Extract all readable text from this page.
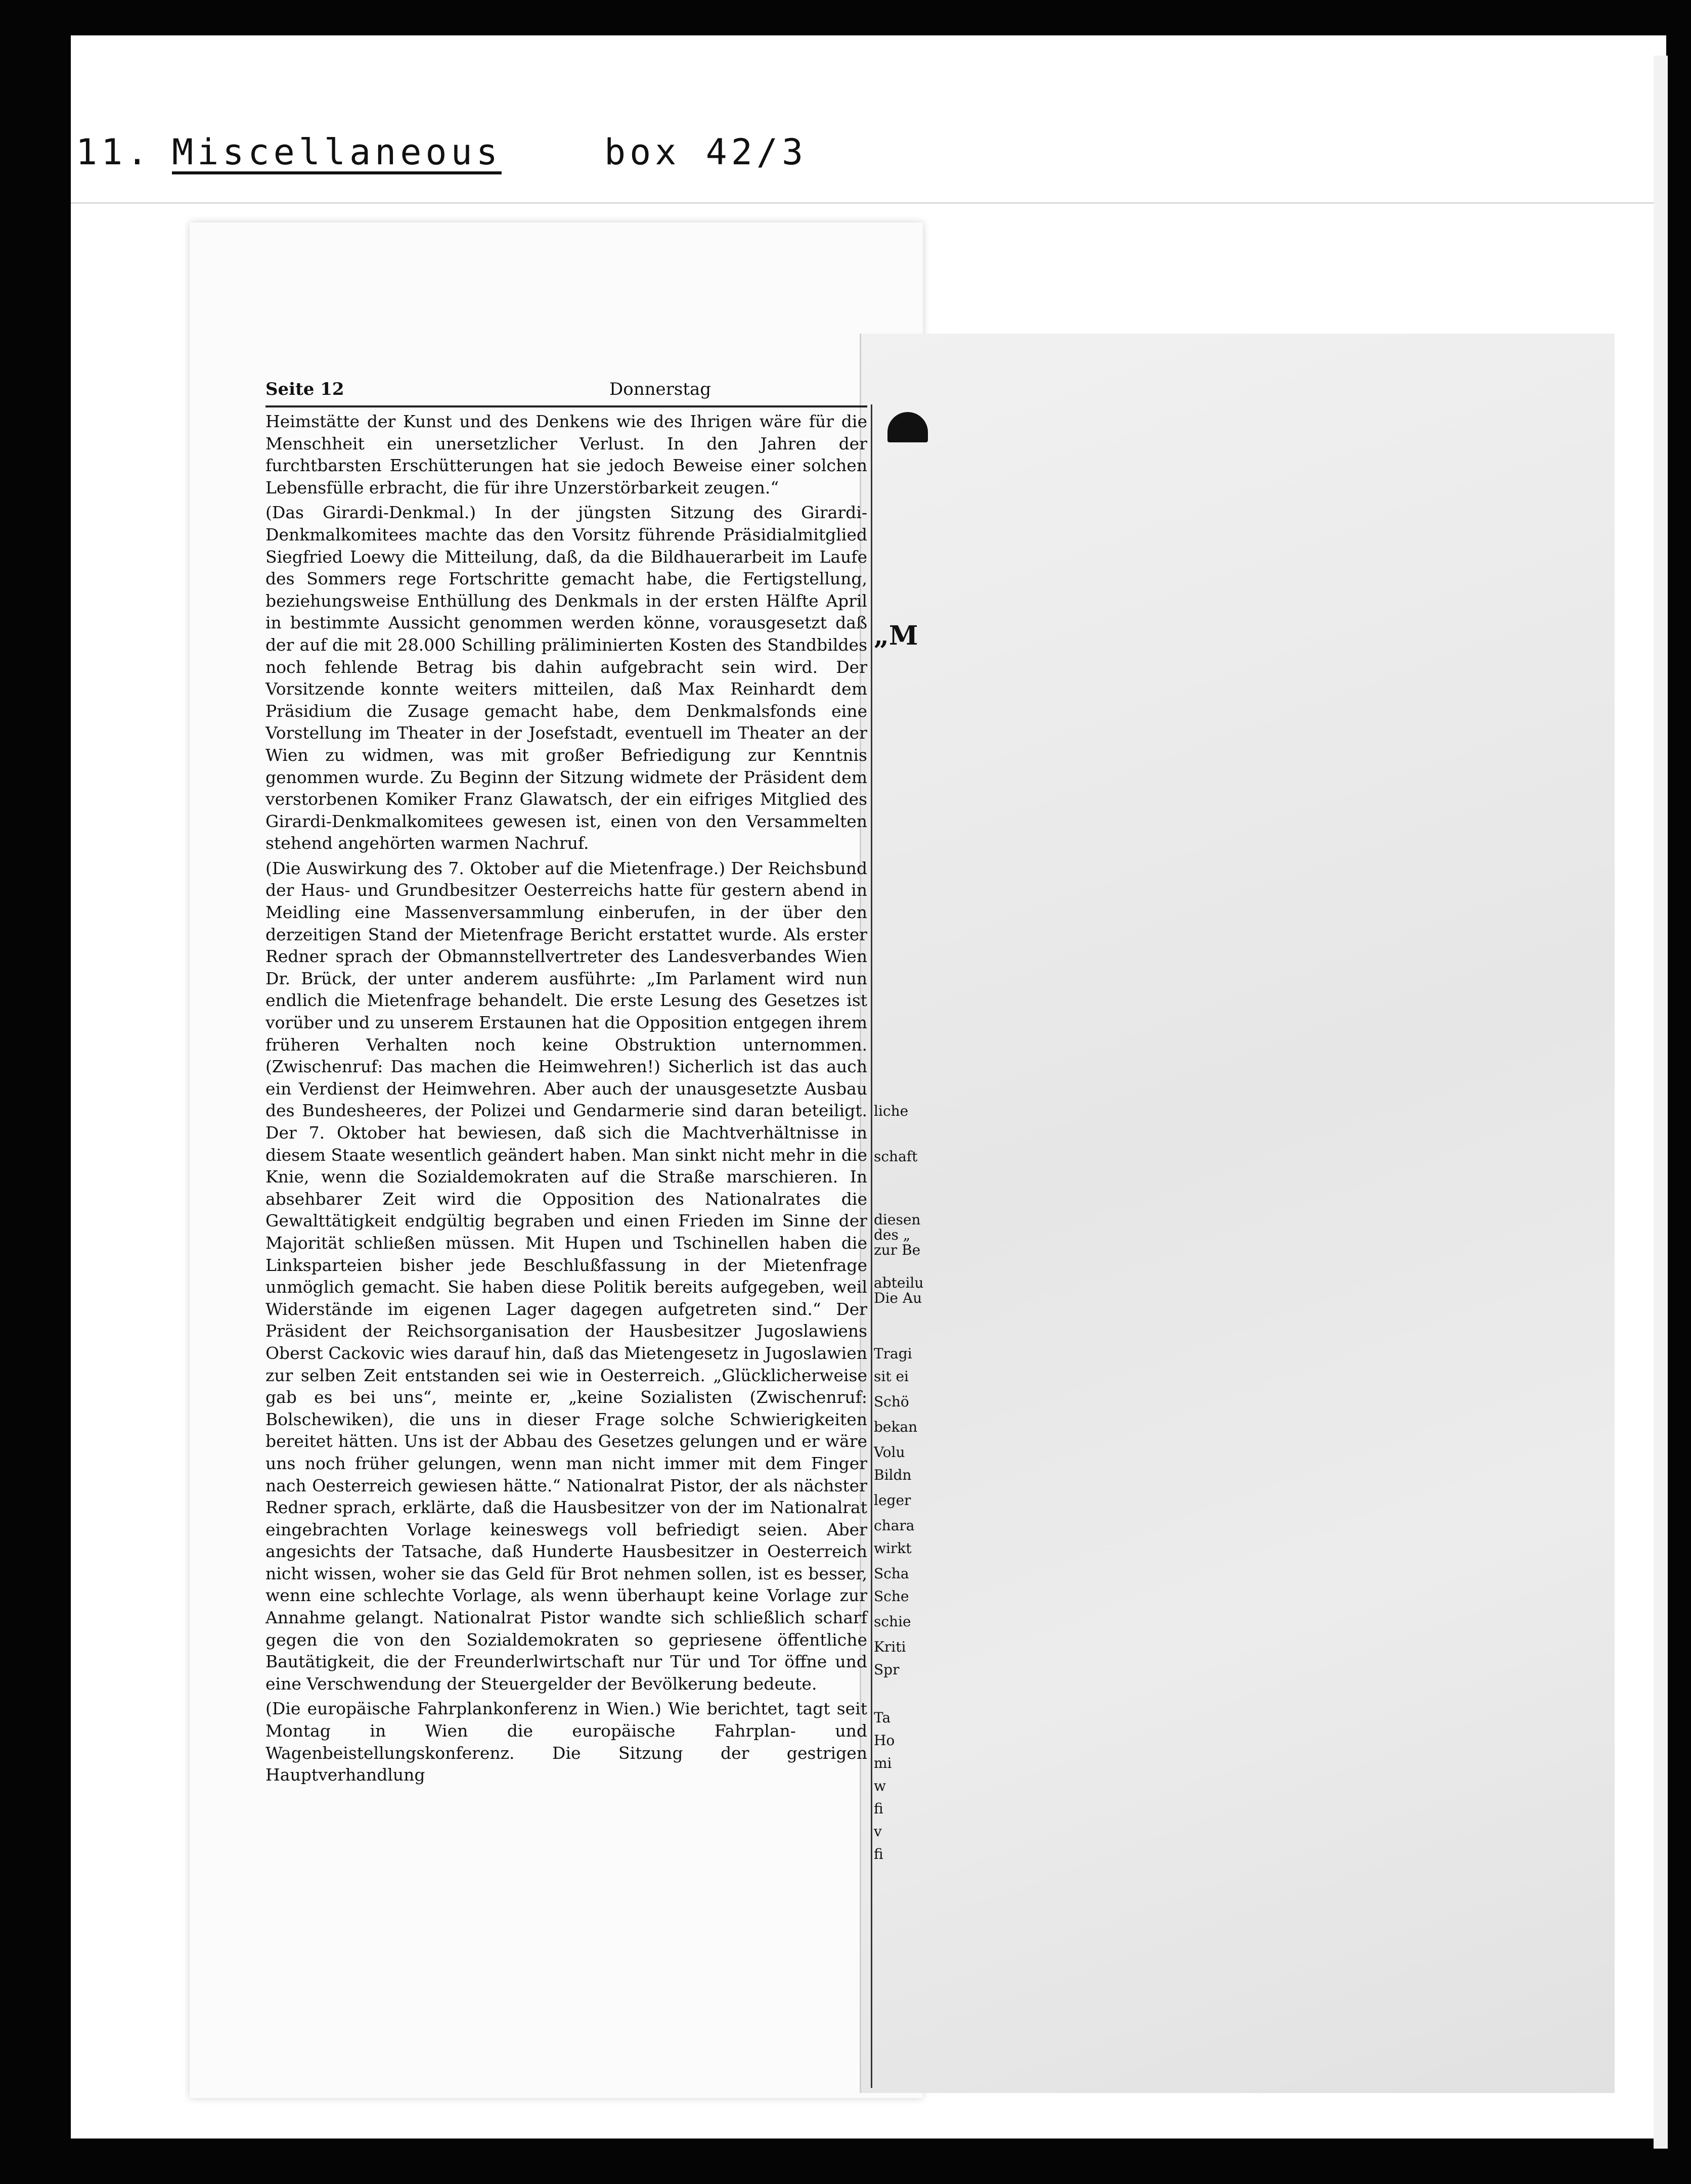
11. Miscellaneous	box 42/3
Seite 12	Donnerstag

Heimstätte der Kunst und des Denkens wie des Ihrigen wäre für die Menschheit ein unersetzlicher Verlust. In den Jahren der furchtbarsten Erschütterungen hat sie jedoch Beweise einer solchen Lebensfülle erbracht, die für ihre Unzerstörbarkeit zeugen.“

(Das Girardi-Denkmal.) In der jüngsten Sitzung des Girardi-Denkmalkomitees machte das den Vorsitz führende Präsidialmitglied Siegfried Loewy die Mitteilung, daß, da die Bildhauerarbeit im Laufe des Sommers rege Fortschritte gemacht habe, die Fertigstellung, beziehungsweise Enthüllung des Denkmals in der ersten Hälfte April in bestimmte Aussicht genommen werden könne, vorausgesetzt daß der auf die mit 28.000 Schilling präliminierten Kosten des Standbildes noch fehlende Betrag bis dahin aufgebracht sein wird. Der Vorsitzende konnte weiters mitteilen, daß Max Reinhardt dem Präsidium die Zusage gemacht habe, dem Denkmalsfonds eine Vorstellung im Theater in der Josefstadt, eventuell im Theater an der Wien zu widmen, was mit großer Befriedigung zur Kenntnis genommen wurde. Zu Beginn der Sitzung widmete der Präsident dem verstorbenen Komiker Franz Glawatsch, der ein eifriges Mitglied des Girardi-Denkmalkomitees gewesen ist, einen von den Versammelten stehend angehörten warmen Nachruf.

(Die Auswirkung des 7. Oktober auf die Mietenfrage.) Der Reichsbund der Haus- und Grundbesitzer Oesterreichs hatte für gestern abend in Meidling eine Massenversammlung einberufen, in der über den derzeitigen Stand der Mietenfrage Bericht erstattet wurde. Als erster Redner sprach der Obmannstellvertreter des Landesverbandes Wien Dr. Brück, der unter anderem ausführte: „Im Parlament wird nun endlich die Mietenfrage behandelt. Die erste Lesung des Gesetzes ist vorüber und zu unserem Erstaunen hat die Opposition entgegen ihrem früheren Verhalten noch keine Obstruktion unternommen. (Zwischenruf: Das machen die Heimwehren!) Sicherlich ist das auch ein Verdienst der Heimwehren. Aber auch der unausgesetzte Ausbau des Bundesheeres, der Polizei und Gendarmerie sind daran beteiligt. Der 7. Oktober hat bewiesen, daß sich die Machtverhältnisse in diesem Staate wesentlich geändert haben. Man sinkt nicht mehr in die Knie, wenn die Sozialdemokraten auf die Straße marschieren. In absehbarer Zeit wird die Opposition des Nationalrates die Gewalttätigkeit endgültig begraben und einen Frieden im Sinne der Majorität schließen müssen. Mit Hupen und Tschinellen haben die Linksparteien bisher jede Beschlußfassung in der Mietenfrage unmöglich gemacht. Sie haben diese Politik bereits aufgegeben, weil Widerstände im eigenen Lager dagegen aufgetreten sind.“ Der Präsident der Reichsorganisation der Hausbesitzer Jugoslawiens Oberst Cackovic wies darauf hin, daß das Mietengesetz in Jugoslawien zur selben Zeit entstanden sei wie in Oesterreich. „Glücklicherweise gab es bei uns“, meinte er, „keine Sozialisten (Zwischenruf: Bolschewiken), die uns in dieser Frage solche Schwierigkeiten bereitet hätten. Uns ist der Abbau des Gesetzes gelungen und er wäre uns noch früher gelungen, wenn man nicht immer mit dem Finger nach Oesterreich gewiesen hätte.“ Nationalrat Pistor, der als nächster Redner sprach, erklärte, daß die Hausbesitzer von der im Nationalrat eingebrachten Vorlage keineswegs voll befriedigt seien. Aber angesichts der Tatsache, daß Hunderte Hausbesitzer in Oesterreich nicht wissen, woher sie das Geld für Brot nehmen sollen, ist es besser, wenn eine schlechte Vorlage, als wenn überhaupt keine Vorlage zur Annahme gelangt. Nationalrat Pistor wandte sich schließlich scharf gegen die von den Sozialdemokraten so gepriesene öffentliche Bautätigkeit, die der Freunderlwirtschaft nur Tür und Tor öffne und eine Verschwendung der Steuergelder der Bevölkerung bedeute.

(Die europäische Fahrplankonferenz in Wien.) Wie berichtet, tagt seit Montag in Wien die europäische Fahrplan- und Wagenbeistellungskonferenz. Die Sitzung der gestrigen Hauptverhandlung

„M
liche
schaft
diesen
des „
zur Be
abteilu
Die Au
Tragi
sit ei
Schö
bekan
Volu
Bildn
leger
chara
wirkt
Scha
Sche
schie
Kriti
Spr
Ta
Ho
mi
w
fi
v
fi
